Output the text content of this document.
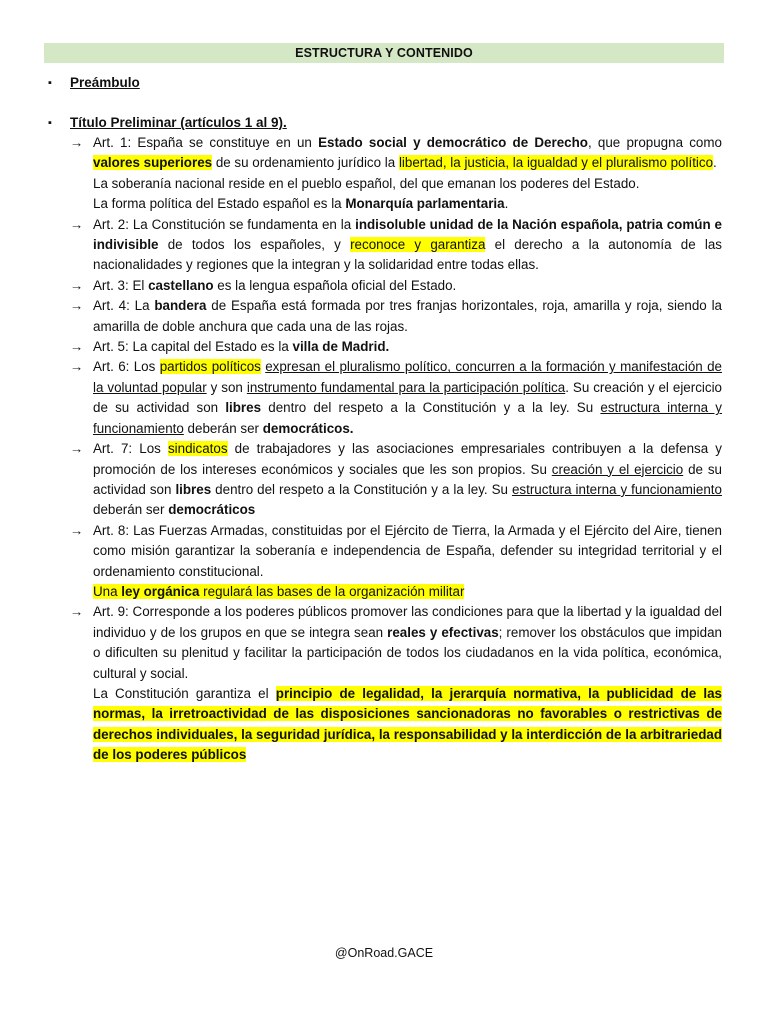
ESTRUCTURA Y CONTENIDO
▪ Preámbulo
▪ Título Preliminar (artículos 1 al 9).
→ Art. 1: España se constituye en un Estado social y democrático de Derecho, que propugna como valores superiores de su ordenamiento jurídico la libertad, la justicia, la igualdad y el pluralismo político.
La soberanía nacional reside en el pueblo español, del que emanan los poderes del Estado.
La forma política del Estado español es la Monarquía parlamentaria.
→ Art. 2: La Constitución se fundamenta en la indisoluble unidad de la Nación española, patria común e indivisible de todos los españoles, y reconoce y garantiza el derecho a la autonomía de las nacionalidades y regiones que la integran y la solidaridad entre todas ellas.
→ Art. 3: El castellano es la lengua española oficial del Estado.
→ Art. 4: La bandera de España está formada por tres franjas horizontales, roja, amarilla y roja, siendo la amarilla de doble anchura que cada una de las rojas.
→ Art. 5: La capital del Estado es la villa de Madrid.
→ Art. 6: Los partidos políticos expresan el pluralismo político, concurren a la formación y manifestación de la voluntad popular y son instrumento fundamental para la participación política. Su creación y el ejercicio de su actividad son libres dentro del respeto a la Constitución y a la ley. Su estructura interna y funcionamiento deberán ser democráticos.
→ Art. 7: Los sindicatos de trabajadores y las asociaciones empresariales contribuyen a la defensa y promoción de los intereses económicos y sociales que les son propios. Su creación y el ejercicio de su actividad son libres dentro del respeto a la Constitución y a la ley. Su estructura interna y funcionamiento deberán ser democráticos
→ Art. 8: Las Fuerzas Armadas, constituidas por el Ejército de Tierra, la Armada y el Ejército del Aire, tienen como misión garantizar la soberanía e independencia de España, defender su integridad territorial y el ordenamiento constitucional.
Una ley orgánica regulará las bases de la organización militar
→ Art. 9: Corresponde a los poderes públicos promover las condiciones para que la libertad y la igualdad del individuo y de los grupos en que se integra sean reales y efectivas; remover los obstáculos que impidan o dificulten su plenitud y facilitar la participación de todos los ciudadanos en la vida política, económica, cultural y social.
La Constitución garantiza el principio de legalidad, la jerarquía normativa, la publicidad de las normas, la irretroactividad de las disposiciones sancionadoras no favorables o restrictivas de derechos individuales, la seguridad jurídica, la responsabilidad y la interdicción de la arbitrariedad de los poderes públicos
@OnRoad.GACE
